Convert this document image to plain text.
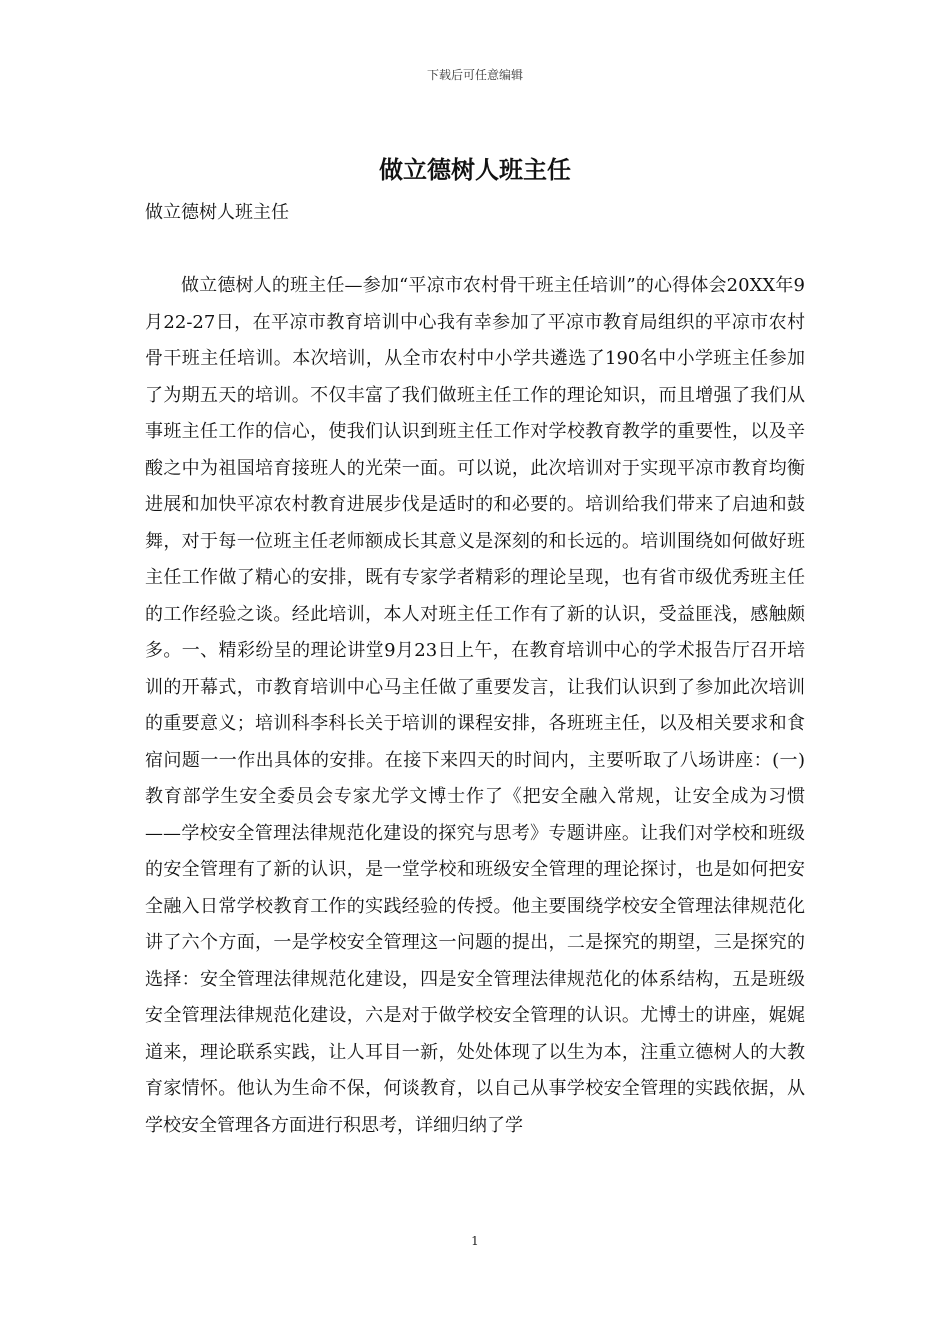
下载后可任意编辑
做立德树人班主任

做立德树人班主任

做立德树人的班主任—参加“平凉市农村骨干班主任培训”的心得体会20XX年9月22-27日，在平凉市教育培训中心我有幸参加了平凉市教育局组织的平凉市农村骨干班主任培训。本次培训，从全市农村中小学共遴选了190名中小学班主任参加了为期五天的培训。不仅丰富了我们做班主任工作的理论知识，而且增强了我们从事班主任工作的信心，使我们认识到班主任工作对学校教育教学的重要性，以及辛酸之中为祖国培育接班人的光荣一面。可以说，此次培训对于实现平凉市教育均衡进展和加快平凉农村教育进展步伐是适时的和必要的。培训给我们带来了启迪和鼓舞，对于每一位班主任老师额成长其意义是深刻的和长远的。培训围绕如何做好班主任工作做了精心的安排，既有专家学者精彩的理论呈现，也有省市级优秀班主任的工作经验之谈。经此培训，本人对班主任工作有了新的认识，受益匪浅，感触颇多。一、精彩纷呈的理论讲堂9月23日上午，在教育培训中心的学术报告厅召开培训的开幕式，市教育培训中心马主任做了重要发言，让我们认识到了参加此次培训的重要意义；培训科李科长关于培训的课程安排，各班班主任，以及相关要求和食宿问题一一作出具体的安排。在接下来四天的时间内，主要听取了八场讲座：(一)教育部学生安全委员会专家尤学文博士作了《把安全融入常规，让安全成为习惯——学校安全管理法律规范化建设的探究与思考》专题讲座。让我们对学校和班级的安全管理有了新的认识，是一堂学校和班级安全管理的理论探讨，也是如何把安全融入日常学校教育工作的实践经验的传授。他主要围绕学校安全管理法律规范化讲了六个方面，一是学校安全管理这一问题的提出，二是探究的期望，三是探究的选择：安全管理法律规范化建设，四是安全管理法律规范化的体系结构，五是班级安全管理法律规范化建设，六是对于做学校安全管理的认识。尤博士的讲座，娓娓道来，理论联系实践，让人耳目一新，处处体现了以生为本，注重立德树人的大教育家情怀。他认为生命不保，何谈教育，以自己从事学校安全管理的实践依据，从学校安全管理各方面进行积思考，详细归纳了学

1
